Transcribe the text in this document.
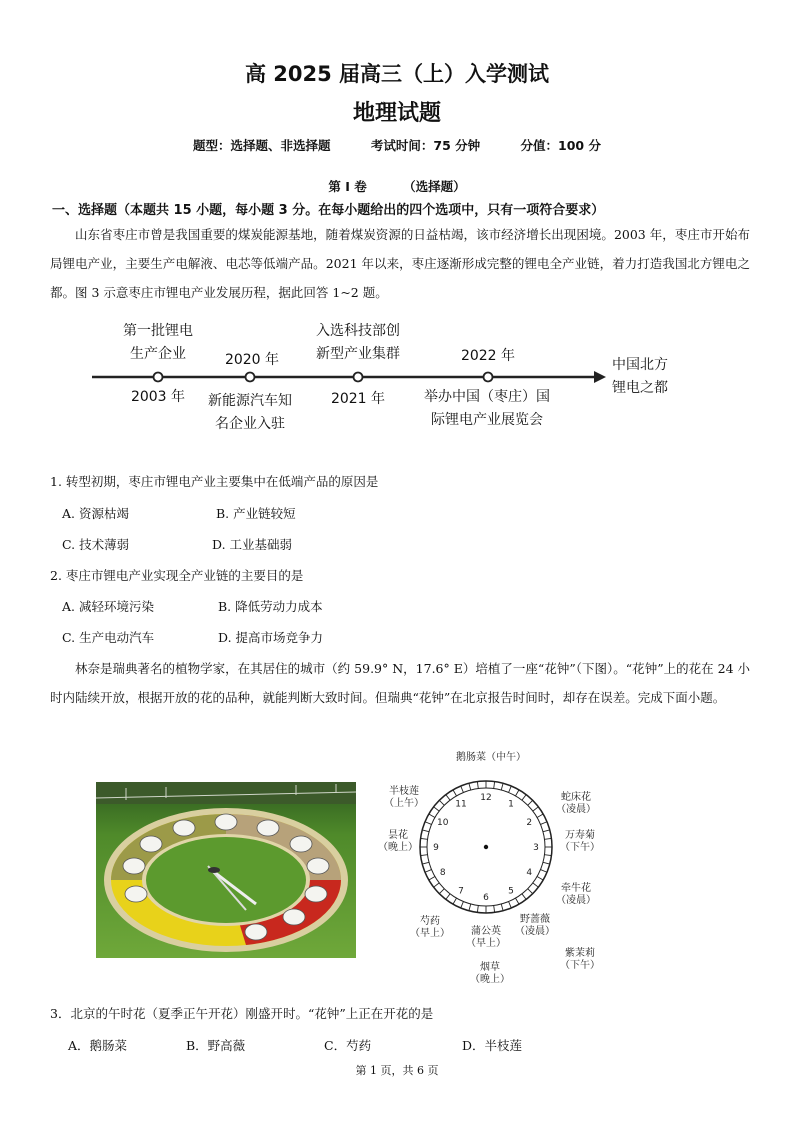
高 2025 届高三（上）入学测试
地理试题
题型：选择题、非选择题	考试时间：75 分钟	分值：100 分
第 I 卷	（选择题）
一、选择题（本题共 15 小题，每小题 3 分。在每小题给出的四个选项中，只有一项符合要求）
山东省枣庄市曾是我国重要的煤炭能源基地，随着煤炭资源的日益枯竭，该市经济增长出现困境。2003 年，枣庄市开始布局锂电产业，主要生产电解液、电芯等低端产品。2021 年以来，枣庄逐渐形成完整的锂电全产业链，着力打造我国北方锂电之都。图 3 示意枣庄市锂电产业发展历程，据此回答 1~2 题。
第一批锂电
生产企业	2020 年
入选科技部创
新型产业集群	2022 年
2003 年	新能源汽车知
名企业入驻
2021 年	举办中国（枣庄）国
际锂电产业展览会
中国北方
锂电之都
1. 转型初期，枣庄市锂电产业主要集中在低端产品的原因是
A. 资源枯竭	B. 产业链较短
C. 技术薄弱	D. 工业基础弱
2. 枣庄市锂电产业实现全产业链的主要目的是
A. 减轻环境污染	B. 降低劳动力成本
C. 生产电动汽车	D. 提高市场竞争力
林奈是瑞典著名的植物学家，在其居住的城市（约 59.9° N，17.6° E）培植了一座“花钟”（下图）。“花钟”上的花在 24 小时内陆续开放，根据开放的花的品种，就能判断大致时间。但瑞典“花钟”在北京报告时间时，却存在误差。完成下面小题。
12
1
2
3
4
5
6
7
8
9
10
11
鹅肠菜（中午）
蛇床花
（凌晨）
万寿菊
（下午）
牵牛花
（凌晨）
野蔷薇
（凌晨）
蒲公英
（早上）
紫茉莉
（下午）
烟草
（晚上）
芍药
（早上）
昙花
（晚上）
半枝莲
（上午）
3．北京的午时花（夏季正午开花）刚盛开时。“花钟”上正在开花的是
A．鹅肠菜	B．野高薇	C．芍药	D．半枝莲
第 1 页，共 6 页
